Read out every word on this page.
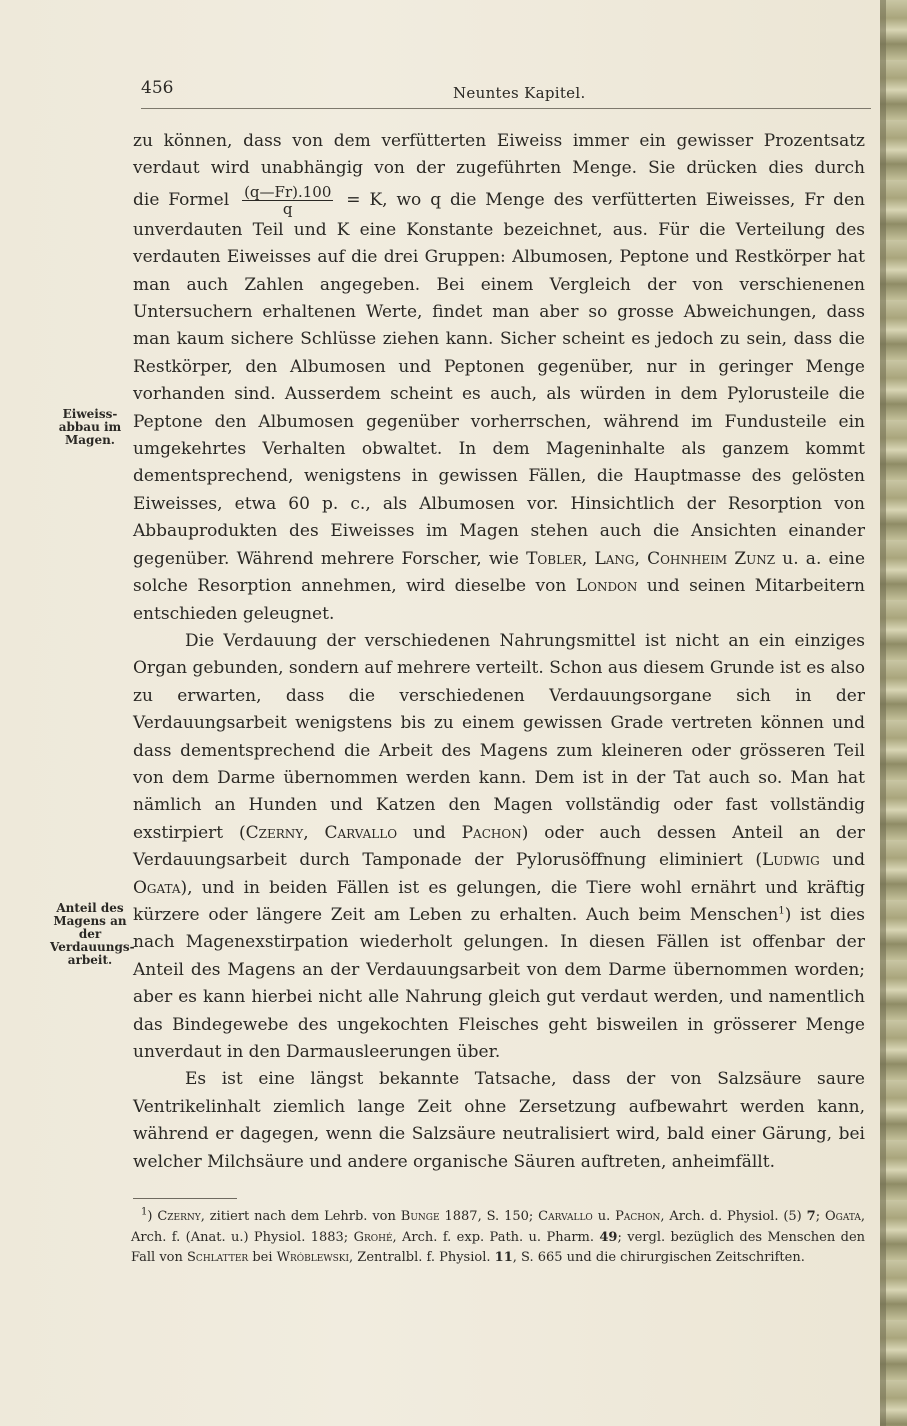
456	Neuntes Kapitel.
Eiweiss-abbau im Magen.
Anteil des Magens an der Verdauungs-arbeit.

zu können, dass von dem verfütterten Eiweiss immer ein gewisser Prozentsatz verdaut wird unabhängig von der zugeführten Menge. Sie drücken dies durch die Formel $\frac{(q—Fr).100}{q} = K$, wo q die Menge des verfütterten Eiweisses, Fr den unverdauten Teil und K eine Konstante bezeichnet, aus. Für die Verteilung des verdauten Eiweisses auf die drei Gruppen: Albumosen, Peptone und Restkörper hat man auch Zahlen angegeben. Bei einem Vergleich der von verschienenen Untersuchern erhaltenen Werte, findet man aber so grosse Abweichungen, dass man kaum sichere Schlüsse ziehen kann. Sicher scheint es jedoch zu sein, dass die Restkörper, den Albumosen und Peptonen gegenüber, nur in geringer Menge vorhanden sind. Ausserdem scheint es auch, als würden in dem Pylorusteile die Peptone den Albumosen gegenüber vorherrschen, während im Fundusteile ein umgekehrtes Verhalten obwaltet. In dem Mageninhalte als ganzem kommt dementsprechend, wenigstens in gewissen Fällen, die Hauptmasse des gelösten Eiweisses, etwa 60 p. c., als Albumosen vor. Hinsichtlich der Resorption von Abbauprodukten des Eiweisses im Magen stehen auch die Ansichten einander gegenüber. Während mehrere Forscher, wie Tobler, Lang, Cohnheim Zunz u. a. eine solche Resorption annehmen, wird dieselbe von London und seinen Mitarbeitern entschieden geleugnet.

Die Verdauung der verschiedenen Nahrungsmittel ist nicht an ein einziges Organ gebunden, sondern auf mehrere verteilt. Schon aus diesem Grunde ist es also zu erwarten, dass die verschiedenen Verdauungsorgane sich in der Verdauungsarbeit wenigstens bis zu einem gewissen Grade vertreten können und dass dementsprechend die Arbeit des Magens zum kleineren oder grösseren Teil von dem Darme übernommen werden kann. Dem ist in der Tat auch so. Man hat nämlich an Hunden und Katzen den Magen vollständig oder fast vollständig exstirpiert (Czerny, Carvallo und Pachon) oder auch dessen Anteil an der Verdauungsarbeit durch Tamponade der Pylorusöffnung eliminiert (Ludwig und Ogata), und in beiden Fällen ist es gelungen, die Tiere wohl ernährt und kräftig kürzere oder längere Zeit am Leben zu erhalten. Auch beim Menschen$^1$) ist dies nach Magenexstirpation wiederholt gelungen. In diesen Fällen ist offenbar der Anteil des Magens an der Verdauungsarbeit von dem Darme übernommen worden; aber es kann hierbei nicht alle Nahrung gleich gut verdaut werden, und namentlich das Bindegewebe des ungekochten Fleisches geht bisweilen in grösserer Menge unverdaut in den Darmausleerungen über.

Es ist eine längst bekannte Tatsache, dass der von Salzsäure saure Ventrikelinhalt ziemlich lange Zeit ohne Zersetzung aufbewahrt werden kann, während er dagegen, wenn die Salzsäure neutralisiert wird, bald einer Gärung, bei welcher Milchsäure und andere organische Säuren auftreten, anheimfällt.

$^1$) Czerny, zitiert nach dem Lehrb. von Bunge 1887, S. 150; Carvallo u. Pachon, Arch. d. Physiol. (5) 7; Ogata, Arch. f. (Anat. u.) Physiol. 1883; Grohé, Arch. f. exp. Path. u. Pharm. 49; vergl. bezüglich des Menschen den Fall von Schlatter bei Wróblewski, Zentralbl. f. Physiol. 11, S. 665 und die chirurgischen Zeitschriften.
